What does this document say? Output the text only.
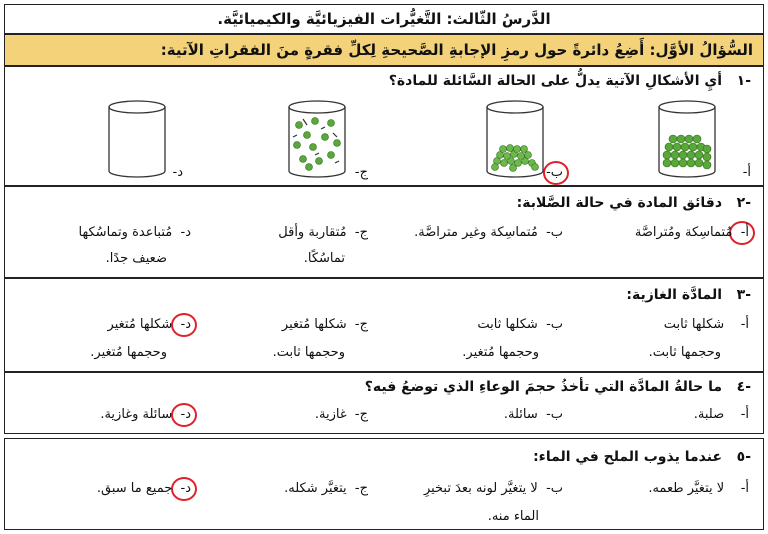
الدَّرسُ الثّالث: التَّغيُّرات الفيزيائيَّة والكيميائيَّة.
السُّؤالُ الأوَّل: أَضِعُ دائرةً حول رمزِ الإجابةِ الصَّحيحةِ لِكلِّ فقرةٍ منَ الفقراتِ الآتية:
-١   أيِ الأشكالِ الآتية يدلُّ على الحالة السَّائلة للمادة؟
أ-
ب-
ج-
د-
-٢   دقائق المادة في حالة الصَّلابة:
أ-  مُتماسِكة ومُتراصَّة
ب-  مُتماسِكة وغير متراصَّة.
ج-  مُتقاربة وأقل
تماسُكًا.
د-  مُتباعدة وتماسُكها
ضعيف جدًا.
-٣   المادَّة الغازية:
أ-    شكلها ثابت
وحجمها ثابت.
ب-  شكلها ثابت
وحجمها مُتغير.
ج-  شكلها مُتغير
وحجمها ثابت.
د-  شكلها مُتغير
وحجمها مُتغير.
-٤   ما حالةُ المادَّة التي تأخذُ حجمَ الوعاءِ الذي توضعُ فيه؟
أ-    صلبة.
ب-  سائلة.
ج-  غازية.
د-  سائلة وغازية.
-٥   عندما يذوب الملح في الماء:
أ-    لا يتغيَّر طعمه.
ب-  لا يتغيَّر لونه بعدَ تبخيرِ
الماء منه.
ج-  يتغيَّر شكله.
د-  جميع ما سبق.
